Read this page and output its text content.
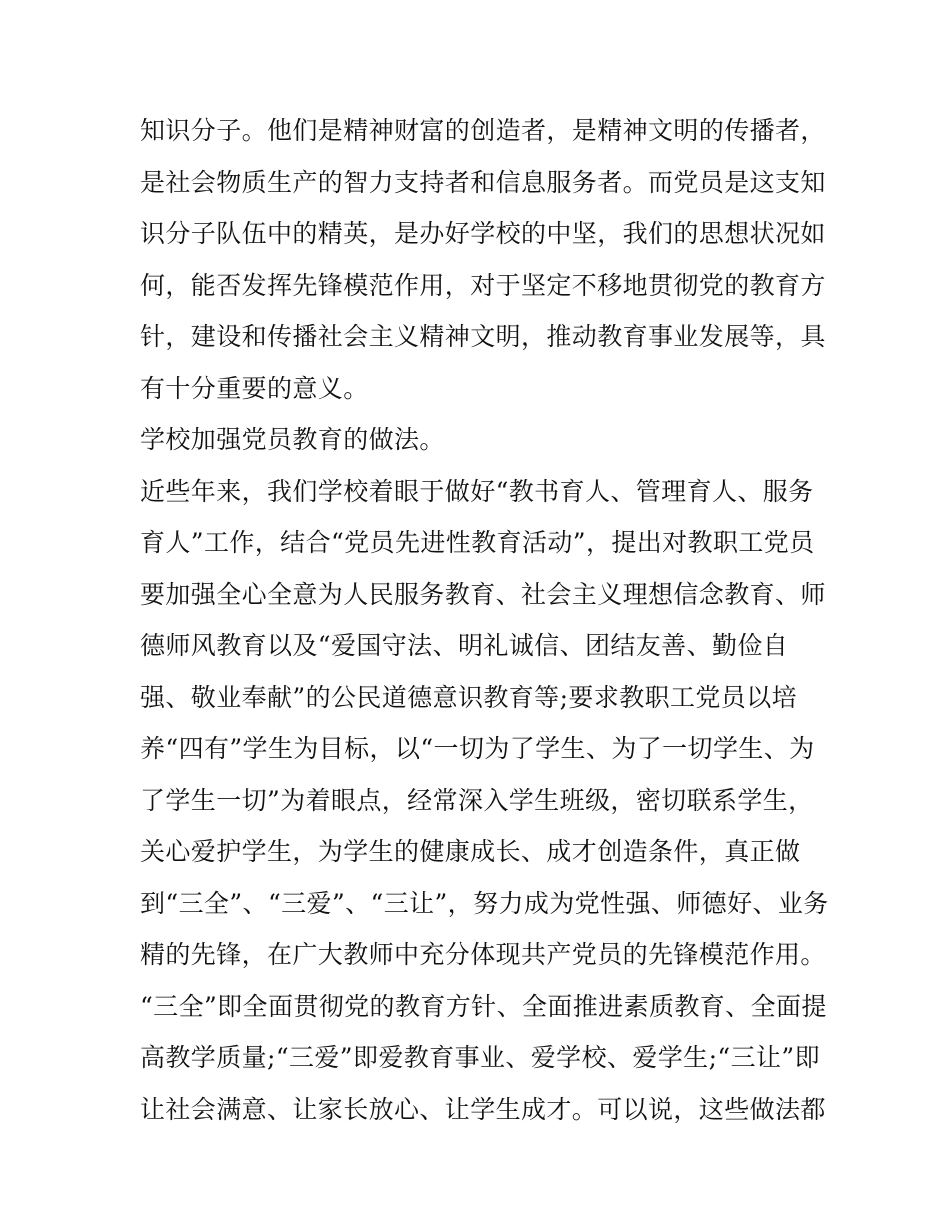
知识分子。他们是精神财富的创造者，是精神文明的传播者，
是社会物质生产的智力支持者和信息服务者。而党员是这支知
识分子队伍中的精英，是办好学校的中坚，我们的思想状况如
何，能否发挥先锋模范作用，对于坚定不移地贯彻党的教育方
针，建设和传播社会主义精神文明，推动教育事业发展等，具
有十分重要的意义。
学校加强党员教育的做法。
近些年来，我们学校着眼于做好“教书育人、管理育人、服务
育人”工作，结合“党员先进性教育活动”，提出对教职工党员
要加强全心全意为人民服务教育、社会主义理想信念教育、师
德师风教育以及“爱国守法、明礼诚信、团结友善、勤俭自
强、敬业奉献”的公民道德意识教育等;要求教职工党员以培
养“四有”学生为目标，以“一切为了学生、为了一切学生、为
了学生一切”为着眼点，经常深入学生班级，密切联系学生，
关心爱护学生，为学生的健康成长、成才创造条件，真正做
到“三全”、“三爱”、“三让”，努力成为党性强、师德好、业务
精的先锋，在广大教师中充分体现共产党员的先锋模范作用。
“三全”即全面贯彻党的教育方针、全面推进素质教育、全面提
高教学质量;“三爱”即爱教育事业、爱学校、爱学生;“三让”即
让社会满意、让家长放心、让学生成才。可以说，这些做法都
